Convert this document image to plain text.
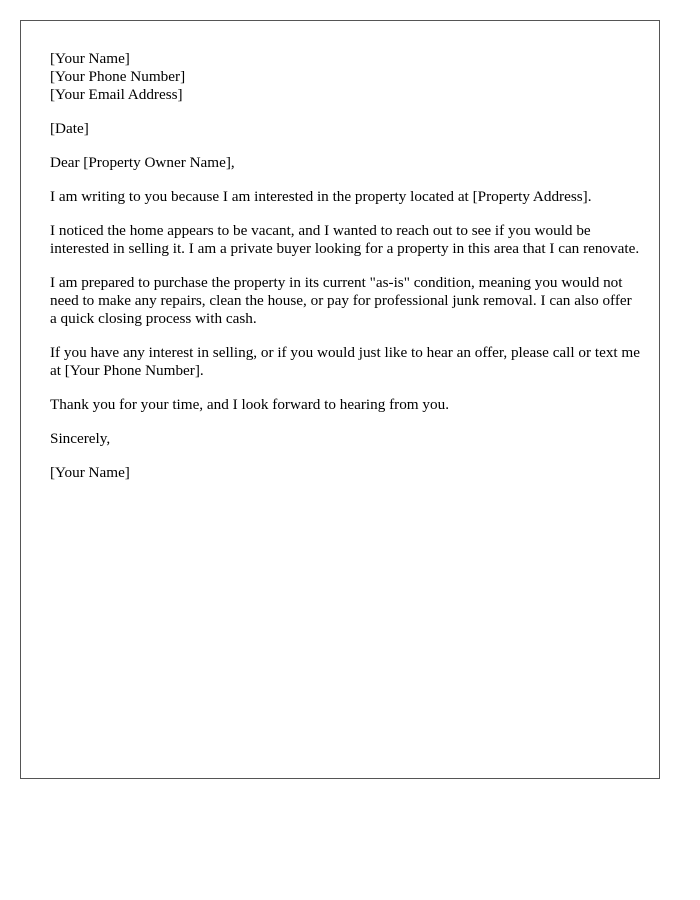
[Your Name]
[Your Phone Number]
[Your Email Address]

[Date]

Dear [Property Owner Name],

I am writing to you because I am interested in the property located at [Property Address].

I noticed the home appears to be vacant, and I wanted to reach out to see if you would be interested in selling it. I am a private buyer looking for a property in this area that I can renovate.

I am prepared to purchase the property in its current "as-is" condition, meaning you would not need to make any repairs, clean the house, or pay for professional junk removal. I can also offer a quick closing process with cash.

If you have any interest in selling, or if you would just like to hear an offer, please call or text me at [Your Phone Number].

Thank you for your time, and I look forward to hearing from you.

Sincerely,

[Your Name]
